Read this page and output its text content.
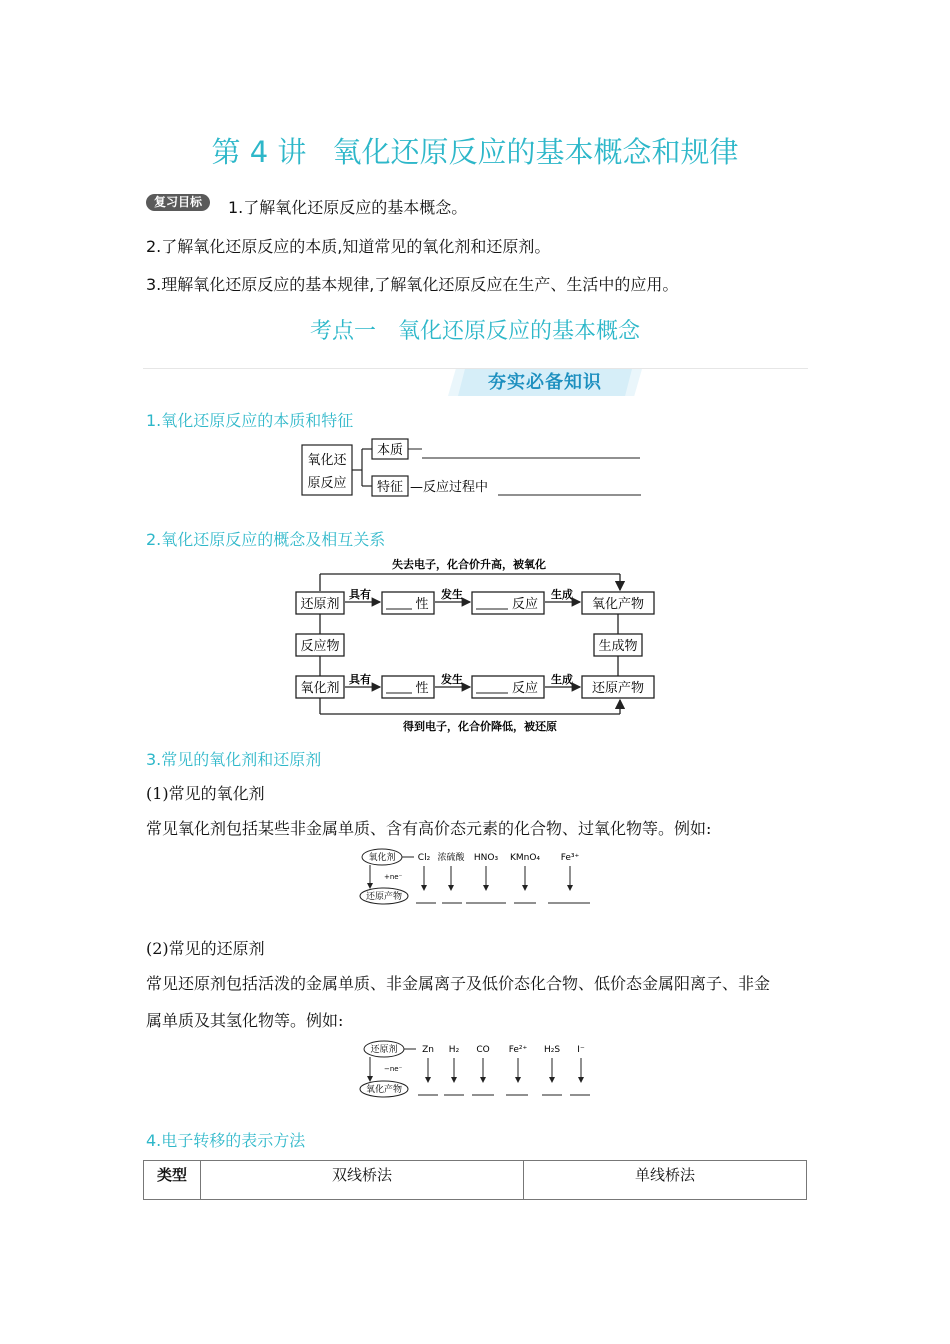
第 4 讲 氧化还原反应的基本概念和规律
复习目标	1.了解氧化还原反应的基本概念。
2.了解氧化还原反应的本质,知道常见的氧化剂和还原剂。
3.理解氧化还原反应的基本规律,了解氧化还原反应在生产、生活中的应用。
考点一 氧化还原反应的基本概念
夯实必备知识
1.氧化还原反应的本质和特征
氧化还
原反应
本质
特征 —反应过程中
2.氧化还原反应的概念及相互关系
失去电子，化合价升高，被氧化
还原剂
具有
性
发生
反应
生成
氧化产物
反应物	生成物
氧化剂
具有
性
发生
反应
生成
还原产物
得到电子，化合价降低，被还原
3.常见的氧化剂和还原剂
(1)常见的氧化剂
常见氧化剂包括某些非金属单质、含有高价态元素的化合物、过氧化物等。例如:
氧化剂
+ne⁻
还原产物
Cl₂ 浓硫酸 HNO₃ KMnO₄ Fe³⁺
(2)常见的还原剂
常见还原剂包括活泼的金属单质、非金属离子及低价态化合物、低价态金属阳离子、非金
属单质及其氢化物等。例如:
还原剂
−ne⁻
氧化产物
Zn H₂ CO Fe²⁺ H₂S I⁻
4.电子转移的表示方法
类型	双线桥法	单线桥法
